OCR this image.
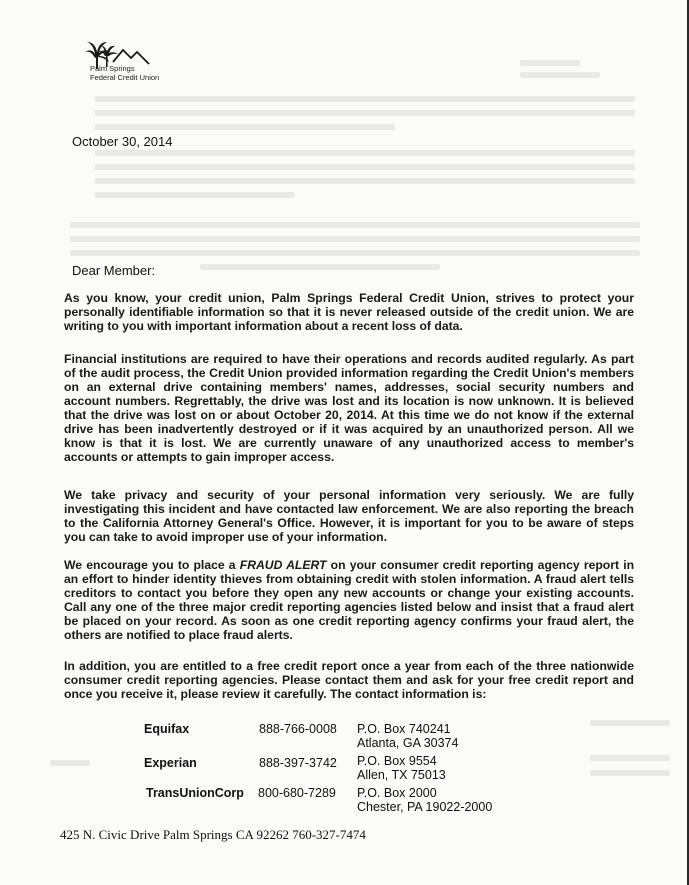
Palm Springs
Federal Credit Union
October 30, 2014
Dear Member:
As you know, your credit union, Palm Springs Federal Credit Union, strives to protect your personally identifiable information so that it is never released outside of the credit union. We are writing to you with important information about a recent loss of data.
Financial institutions are required to have their operations and records audited regularly. As part of the audit process, the Credit Union provided information regarding the Credit Union's members on an external drive containing members' names, addresses, social security numbers and account numbers. Regrettably, the drive was lost and its location is now unknown. It is believed that the drive was lost on or about October 20, 2014. At this time we do not know if the external drive has been inadvertently destroyed or if it was acquired by an unauthorized person. All we know is that it is lost. We are currently unaware of any unauthorized access to member's accounts or attempts to gain improper access.
We take privacy and security of your personal information very seriously. We are fully investigating this incident and have contacted law enforcement. We are also reporting the breach to the California Attorney General's Office. However, it is important for you to be aware of steps you can take to avoid improper use of your information.
We encourage you to place a FRAUD ALERT on your consumer credit reporting agency report in an effort to hinder identity thieves from obtaining credit with stolen information. A fraud alert tells creditors to contact you before they open any new accounts or change your existing accounts. Call any one of the three major credit reporting agencies listed below and insist that a fraud alert be placed on your record. As soon as one credit reporting agency confirms your fraud alert, the others are notified to place fraud alerts.
In addition, you are entitled to a free credit report once a year from each of the three nationwide consumer credit reporting agencies. Please contact them and ask for your free credit report and once you receive it, please review it carefully. The contact information is:
Equifax	888-766-0008	P.O. Box 740241
Atlanta, GA 30374
Experian	888-397-3742	P.O. Box 9554
Allen, TX 75013
TransUnionCorp	800-680-7289	P.O. Box 2000
Chester, PA 19022-2000
425 N. Civic Drive Palm Springs CA 92262 760-327-7474
